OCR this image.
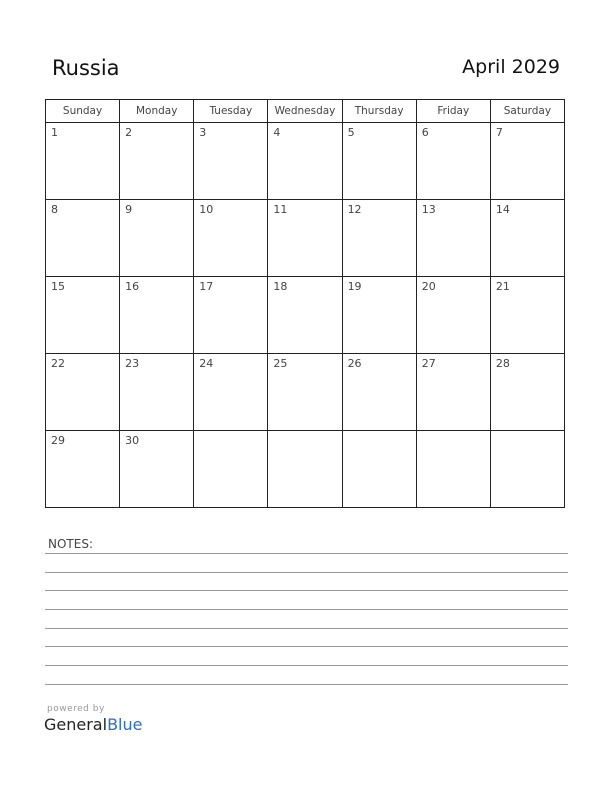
Russia	April 2029
Sunday	Monday	Tuesday	Wednesday	Thursday	Friday	Saturday

1	2	3	4	5	6	7

8	9	10	11	12	13	14

15	16	17	18	19	20	21

22	23	24	25	26	27	28

29	30					

NOTES:
powered by
GeneralBlue
